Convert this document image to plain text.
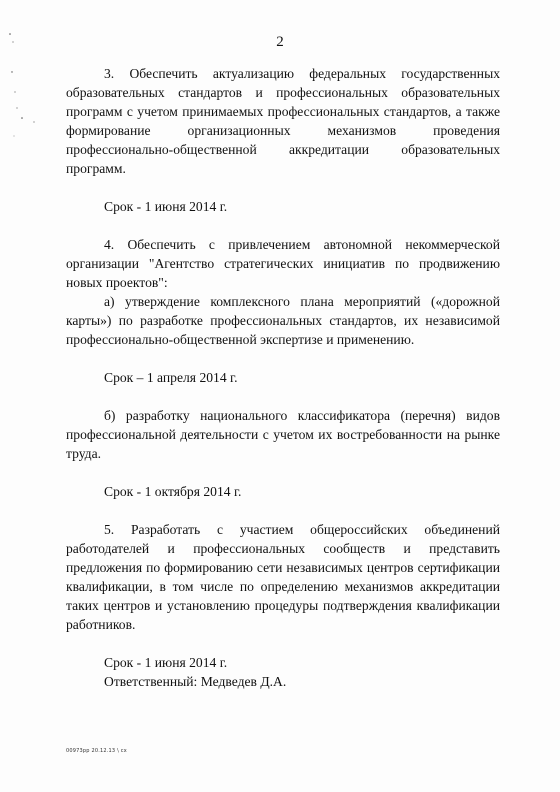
2

3. Обеспечить актуализацию федеральных государственных образовательных стандартов и профессиональных образовательных программ с учетом принимаемых профессиональных стандартов, а также формирование организационных механизмов проведения профессионально-общественной аккредитации образовательных программ.

Срок - 1 июня 2014 г.

4. Обеспечить с привлечением автономной некоммерческой организации "Агентство стратегических инициатив по продвижению новых проектов":

а) утверждение комплексного плана мероприятий («дорожной карты») по разработке профессиональных стандартов, их независимой профессионально-общественной экспертизе и применению.

Срок – 1 апреля 2014 г.

б) разработку национального классификатора (перечня) видов профессиональной деятельности с учетом их востребованности на рынке труда.

Срок - 1 октября 2014 г.

5. Разработать с участием общероссийских объединений работодателей и профессиональных сообществ и представить предложения по формированию сети независимых центров сертификации квалификации, в том числе по определению механизмов аккредитации таких центров и установлению процедуры подтверждения квалификации работников.

Срок - 1 июня 2014 г.

Ответственный: Медведев Д.А.

00973рр 20.12.13 \ сх
